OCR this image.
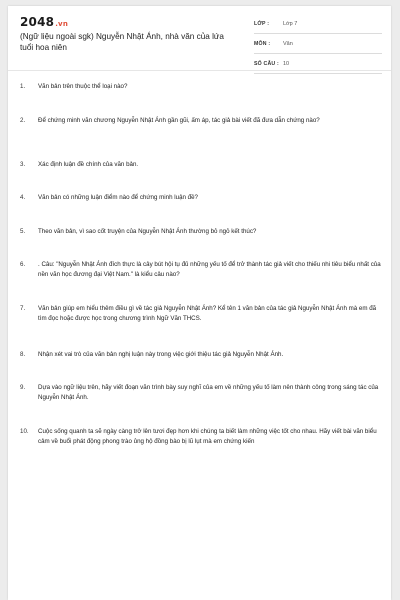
2048.vn
(Ngữ liệu ngoài sgk) Nguyễn Nhật Ánh, nhà văn của lứa tuổi hoa niên
LỚP :	Lớp 7
MÔN : Văn
SỐ CÂU : 10
1. Văn bản trên thuộc thể loại nào?
2. Để chứng minh văn chương Nguyễn Nhật Ánh gần gũi, ấm áp, tác giả bài viết đã đưa dẫn chứng nào?
3. Xác định luận đề chính của văn bản.
4. Văn bản có những luận điểm nào để chứng minh luận đề?
5. Theo văn bản, vì sao cốt truyện của Nguyễn Nhật Ánh thường bỏ ngỏ kết thúc?
6. . Câu: "Nguyễn Nhật Ánh đích thực là cây bút hội tụ đủ những yếu tố để trở thành tác giả viết cho thiếu nhi tiêu biểu nhất của nền văn học đương đại Việt Nam." là kiểu câu nào?
7. Văn bản giúp em hiểu thêm điều gì về tác giả Nguyễn Nhật Ánh? Kể tên 1 văn bản của tác giả Nguyễn Nhật Ánh mà em đã tìm đọc hoặc được học trong chương trình Ngữ Văn THCS.
8. Nhận xét vai trò của văn bản nghị luận này trong việc giới thiệu tác giả Nguyễn Nhật Ánh.
9. Dựa vào ngữ liệu trên, hãy viết đoạn văn trình bày suy nghĩ của em về những yếu tố làm nên thành công trong sáng tác của Nguyễn Nhật Ánh.
10. Cuộc sống quanh ta sẽ ngày càng trở lên tươi đẹp hơn khi chúng ta biết làm những việc tốt cho nhau. Hãy viết bài văn biểu cảm về buổi phát động phong trào ủng hộ đồng bào bị lũ lụt mà em chứng kiến
